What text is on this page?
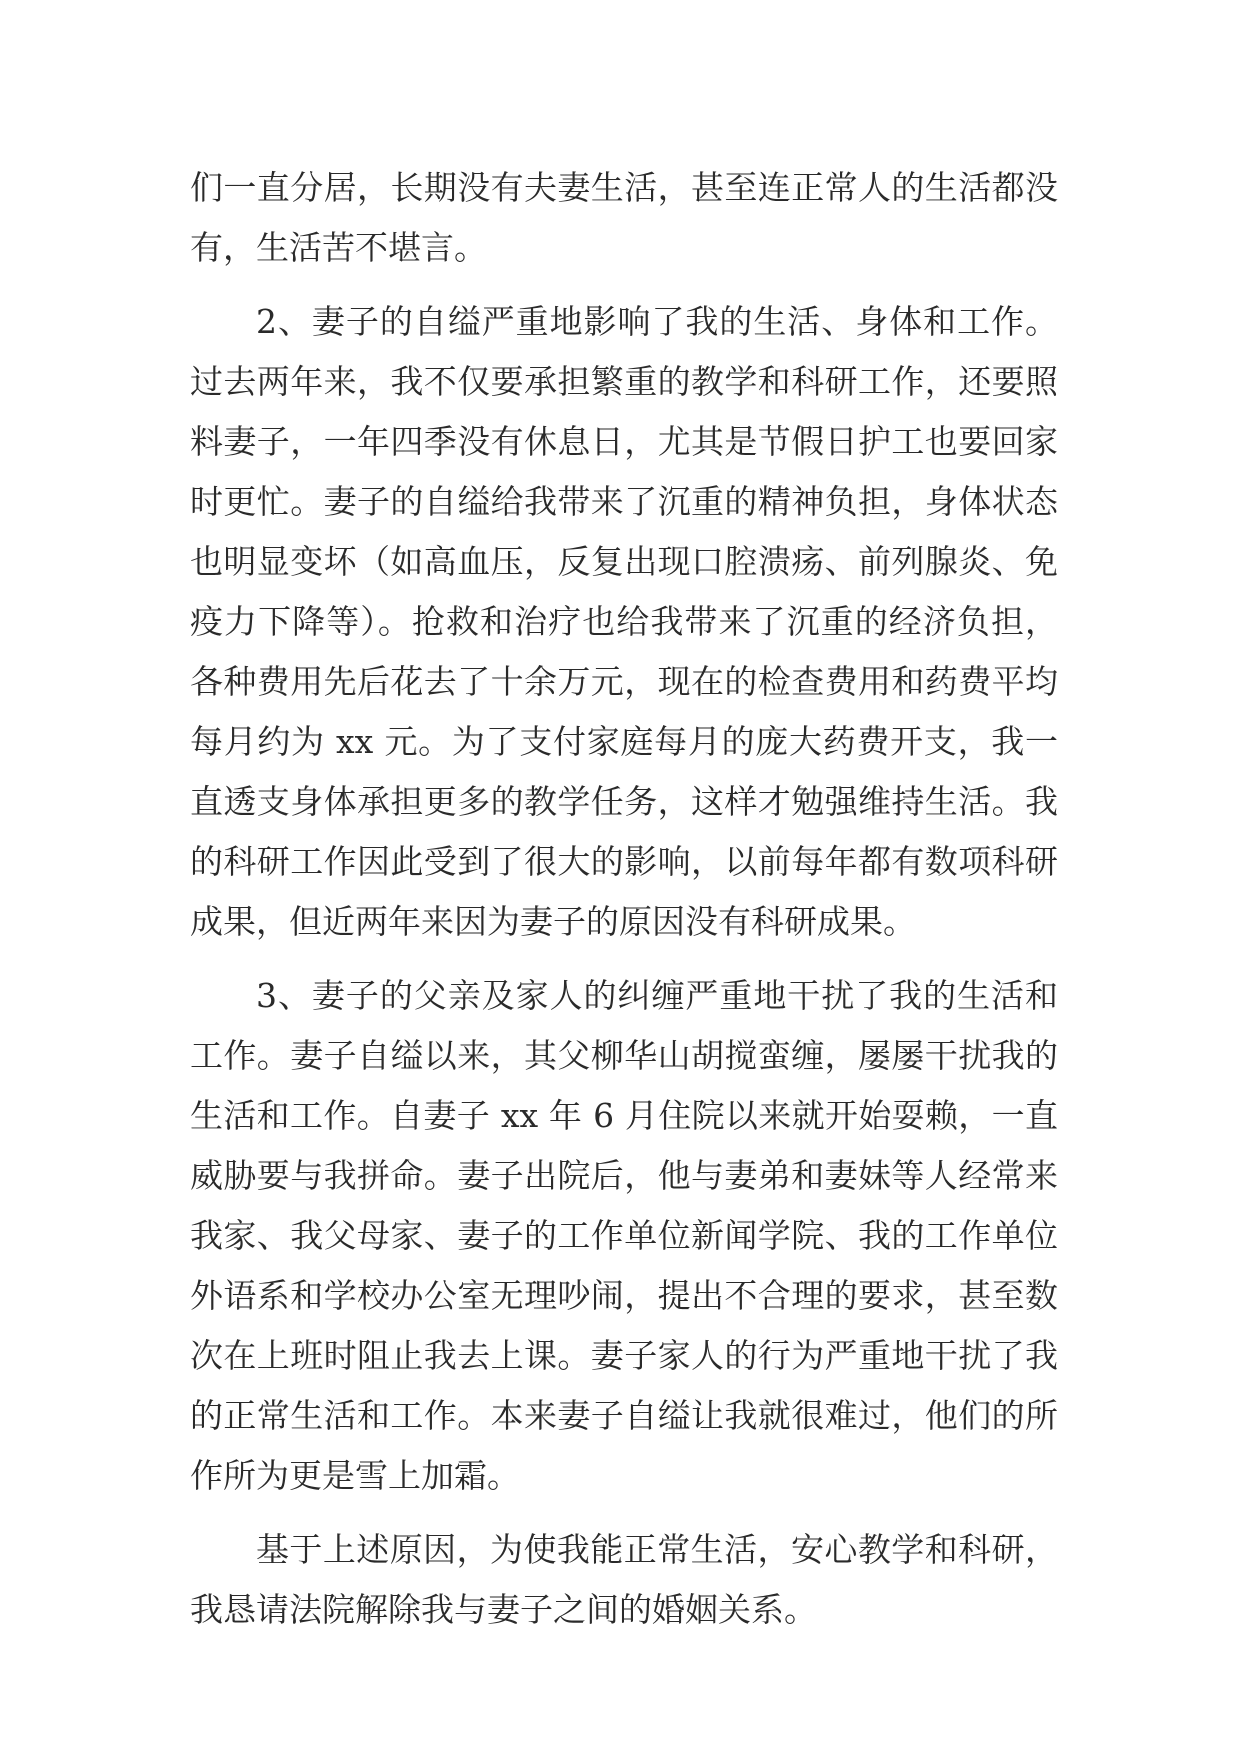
们一直分居，长期没有夫妻生活，甚至连正常人的生活都没有，生活苦不堪言。

2、妻子的自缢严重地影响了我的生活、身体和工作。过去两年来，我不仅要承担繁重的教学和科研工作，还要照料妻子，一年四季没有休息日，尤其是节假日护工也要回家时更忙。妻子的自缢给我带来了沉重的精神负担，身体状态也明显变坏（如高血压，反复出现口腔溃疡、前列腺炎、免疫力下降等）。抢救和治疗也给我带来了沉重的经济负担，各种费用先后花去了十余万元，现在的检查费用和药费平均每月约为 xx 元。为了支付家庭每月的庞大药费开支，我一直透支身体承担更多的教学任务，这样才勉强维持生活。我的科研工作因此受到了很大的影响，以前每年都有数项科研成果，但近两年来因为妻子的原因没有科研成果。

3、妻子的父亲及家人的纠缠严重地干扰了我的生活和工作。妻子自缢以来，其父柳华山胡搅蛮缠，屡屡干扰我的生活和工作。自妻子 xx 年 6 月住院以来就开始耍赖，一直威胁要与我拼命。妻子出院后，他与妻弟和妻妹等人经常来我家、我父母家、妻子的工作单位新闻学院、我的工作单位外语系和学校办公室无理吵闹，提出不合理的要求，甚至数次在上班时阻止我去上课。妻子家人的行为严重地干扰了我的正常生活和工作。本来妻子自缢让我就很难过，他们的所作所为更是雪上加霜。

基于上述原因，为使我能正常生活，安心教学和科研，我恳请法院解除我与妻子之间的婚姻关系。
